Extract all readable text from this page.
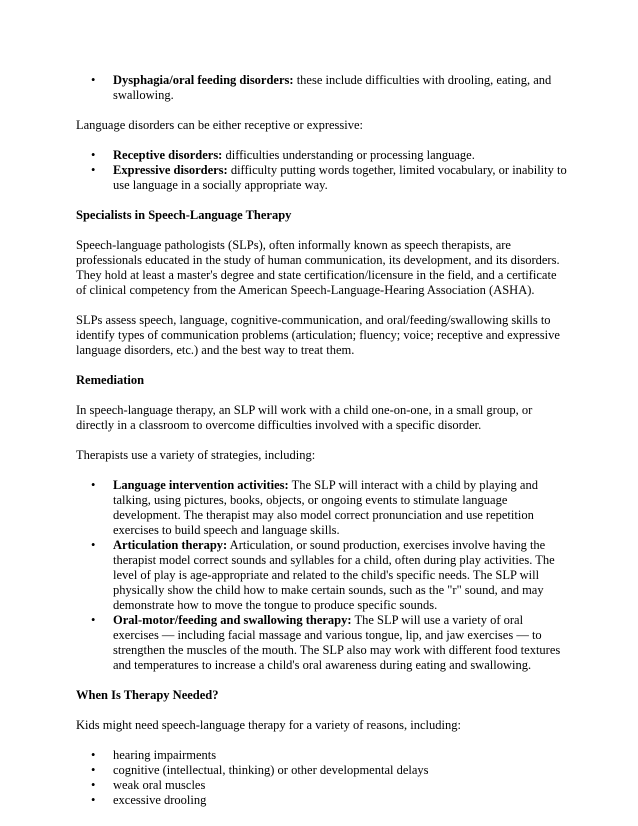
• Dysphagia/oral feeding disorders: these include difficulties with drooling, eating, and swallowing.

Language disorders can be either receptive or expressive:

• Receptive disorders: difficulties understanding or processing language.
• Expressive disorders: difficulty putting words together, limited vocabulary, or inability to use language in a socially appropriate way.
Specialists in Speech-Language Therapy

Speech-language pathologists (SLPs), often informally known as speech therapists, are professionals educated in the study of human communication, its development, and its disorders. They hold at least a master's degree and state certification/licensure in the field, and a certificate of clinical competency from the American Speech-Language-Hearing Association (ASHA).

SLPs assess speech, language, cognitive-communication, and oral/feeding/swallowing skills to identify types of communication problems (articulation; fluency; voice; receptive and expressive language disorders, etc.) and the best way to treat them.

Remediation

In speech-language therapy, an SLP will work with a child one-on-one, in a small group, or directly in a classroom to overcome difficulties involved with a specific disorder.

Therapists use a variety of strategies, including:

• Language intervention activities: The SLP will interact with a child by playing and talking, using pictures, books, objects, or ongoing events to stimulate language development. The therapist may also model correct pronunciation and use repetition exercises to build speech and language skills.
• Articulation therapy: Articulation, or sound production, exercises involve having the therapist model correct sounds and syllables for a child, often during play activities. The level of play is age-appropriate and related to the child's specific needs. The SLP will physically show the child how to make certain sounds, such as the "r" sound, and may demonstrate how to move the tongue to produce specific sounds.
• Oral-motor/feeding and swallowing therapy: The SLP will use a variety of oral exercises — including facial massage and various tongue, lip, and jaw exercises — to strengthen the muscles of the mouth. The SLP also may work with different food textures and temperatures to increase a child's oral awareness during eating and swallowing.
When Is Therapy Needed?

Kids might need speech-language therapy for a variety of reasons, including:

• hearing impairments
• cognitive (intellectual, thinking) or other developmental delays
• weak oral muscles
• excessive drooling
